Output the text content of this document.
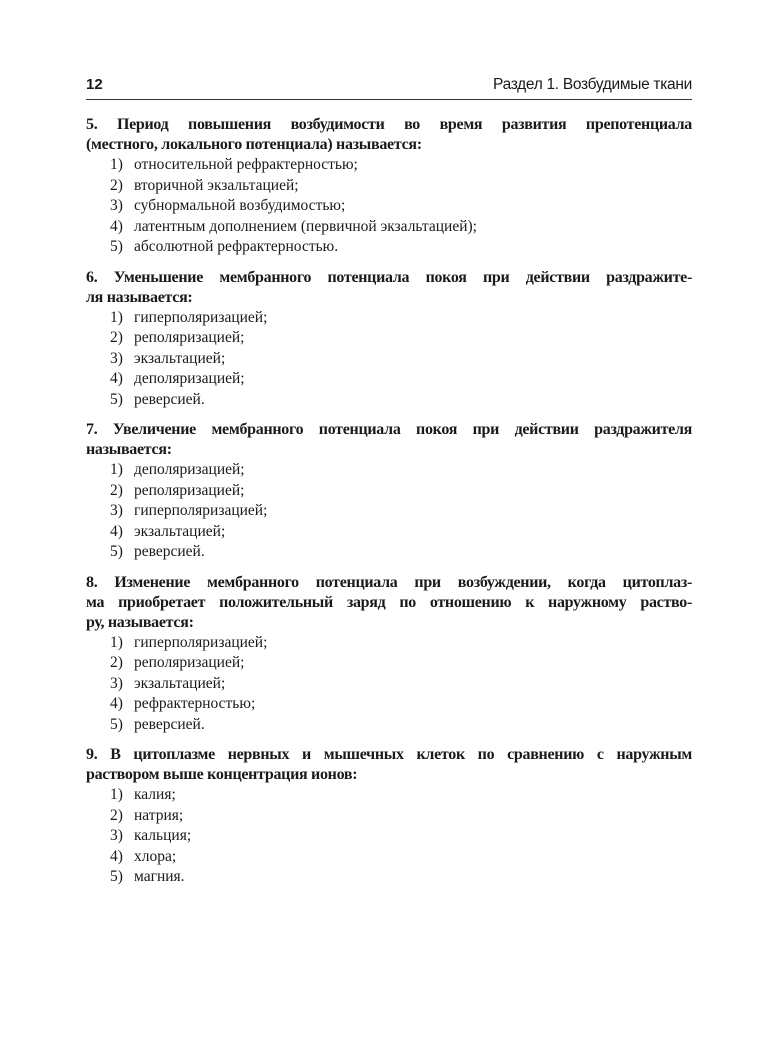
12	Раздел 1. Возбудимые ткани
5. Период повышения возбудимости во время развития препотенциала
(местного, локального потенциала) называется:
1) относительной рефрактерностью;
2) вторичной экзальтацией;
3) субнормальной возбудимостью;
4) латентным дополнением (первичной экзальтацией);
5) абсолютной рефрактерностью.
6. Уменьшение мембранного потенциала покоя при действии раздражите-
ля называется:
1) гиперполяризацией;
2) реполяризацией;
3) экзальтацией;
4) деполяризацией;
5) реверсией.
7. Увеличение мембранного потенциала покоя при действии раздражителя
называется:
1) деполяризацией;
2) реполяризацией;
3) гиперполяризацией;
4) экзальтацией;
5) реверсией.
8. Изменение мембранного потенциала при возбуждении, когда цитоплаз-
ма приобретает положительный заряд по отношению к наружному раство-
ру, называется:
1) гиперполяризацией;
2) реполяризацией;
3) экзальтацией;
4) рефрактерностью;
5) реверсией.
9. В цитоплазме нервных и мышечных клеток по сравнению с наружным
раствором выше концентрация ионов:
1) калия;
2) натрия;
3) кальция;
4) хлора;
5) магния.
